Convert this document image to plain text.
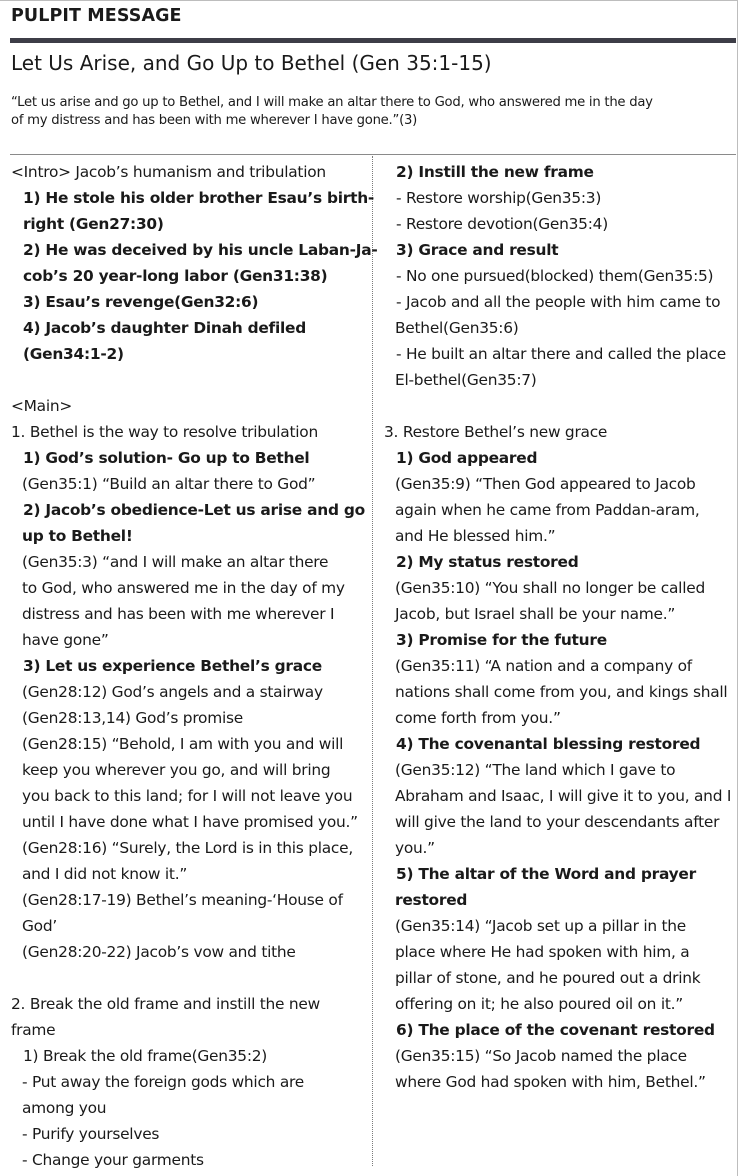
PULPIT MESSAGE
Let Us Arise, and Go Up to Bethel (Gen 35:1-15)
“Let us arise and go up to Bethel, and I will make an altar there to God, who answered me in the day
of my distress and has been with me wherever I have gone.”(3)
<Intro> Jacob’s humanism and tribulation
1) He stole his older brother Esau’s birth-
right (Gen27:30)
2) He was deceived by his uncle Laban-Ja-
cob’s 20 year-long labor (Gen31:38)
3) Esau’s revenge(Gen32:6)
4) Jacob’s daughter Dinah defiled
(Gen34:1-2)
<Main>
1. Bethel is the way to resolve tribulation
1) God’s solution- Go up to Bethel
(Gen35:1) “Build an altar there to God”
2) Jacob’s obedience-Let us arise and go
up to Bethel!
(Gen35:3) “and I will make an altar there
to God, who answered me in the day of my
distress and has been with me wherever I
have gone”
3) Let us experience Bethel’s grace
(Gen28:12) God’s angels and a stairway
(Gen28:13,14) God’s promise
(Gen28:15) “Behold, I am with you and will
keep you wherever you go, and will bring
you back to this land; for I will not leave you
until I have done what I have promised you.”
(Gen28:16) “Surely, the Lord is in this place,
and I did not know it.”
(Gen28:17-19) Bethel’s meaning-‘House of
God’
(Gen28:20-22) Jacob’s vow and tithe
2. Break the old frame and instill the new
frame
1) Break the old frame(Gen35:2)
- Put away the foreign gods which are
among you
- Purify yourselves
- Change your garments
2) Instill the new frame
- Restore worship(Gen35:3)
- Restore devotion(Gen35:4)
3) Grace and result
- No one pursued(blocked) them(Gen35:5)
- Jacob and all the people with him came to
Bethel(Gen35:6)
- He built an altar there and called the place
El-bethel(Gen35:7)
3. Restore Bethel’s new grace
1) God appeared
(Gen35:9) “Then God appeared to Jacob
again when he came from Paddan-aram,
and He blessed him.”
2) My status restored
(Gen35:10) “You shall no longer be called
Jacob, but Israel shall be your name.”
3) Promise for the future
(Gen35:11) “A nation and a company of
nations shall come from you, and kings shall
come forth from you.”
4) The covenantal blessing restored
(Gen35:12) “The land which I gave to
Abraham and Isaac, I will give it to you, and I
will give the land to your descendants after
you.”
5) The altar of the Word and prayer
restored
(Gen35:14) “Jacob set up a pillar in the
place where He had spoken with him, a
pillar of stone, and he poured out a drink
offering on it; he also poured oil on it.”
6) The place of the covenant restored
(Gen35:15) “So Jacob named the place
where God had spoken with him, Bethel.”
